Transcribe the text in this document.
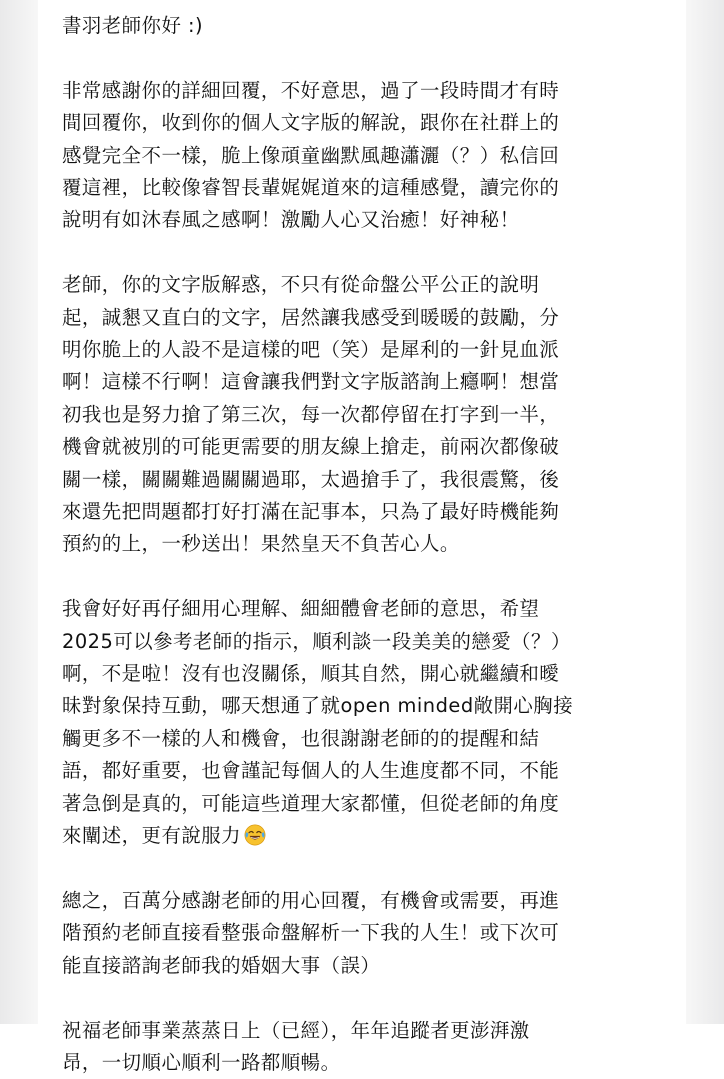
書羽老師你好 :)

非常感謝你的詳細回覆，不好意思，過了一段時間才有時
間回覆你，收到你的個人文字版的解說，跟你在社群上的
感覺完全不一樣，脆上像頑童幽默風趣瀟灑（？）私信回
覆這裡，比較像睿智長輩娓娓道來的這種感覺，讀完你的
說明有如沐春風之感啊！激勵人心又治癒！好神秘！

老師，你的文字版解惑，不只有從命盤公平公正的說明
起，誠懇又直白的文字，居然讓我感受到暖暖的鼓勵，分
明你脆上的人設不是這樣的吧（笑）是犀利的一針見血派
啊！這樣不行啊！這會讓我們對文字版諮詢上癮啊！想當
初我也是努力搶了第三次，每一次都停留在打字到一半，
機會就被別的可能更需要的朋友線上搶走，前兩次都像破
關一樣，關關難過關關過耶，太過搶手了，我很震驚，後
來還先把問題都打好打滿在記事本，只為了最好時機能夠
預約的上，一秒送出！果然皇天不負苦心人。

我會好好再仔細用心理解、細細體會老師的意思，希望
2025可以參考老師的指示，順利談一段美美的戀愛（？）
啊，不是啦！沒有也沒關係，順其自然，開心就繼續和曖
昧對象保持互動，哪天想通了就open minded敞開心胸接
觸更多不一樣的人和機會，也很謝謝老師的的提醒和結
語，都好重要，也會謹記每個人的人生進度都不同，不能
著急倒是真的，可能這些道理大家都懂，但從老師的角度
來闡述，更有說服力

總之，百萬分感謝老師的用心回覆，有機會或需要，再進
階預約老師直接看整張命盤解析一下我的人生！或下次可
能直接諮詢老師我的婚姻大事（誤）

祝福老師事業蒸蒸日上（已經），年年追蹤者更澎湃激
昂，一切順心順利一路都順暢。
